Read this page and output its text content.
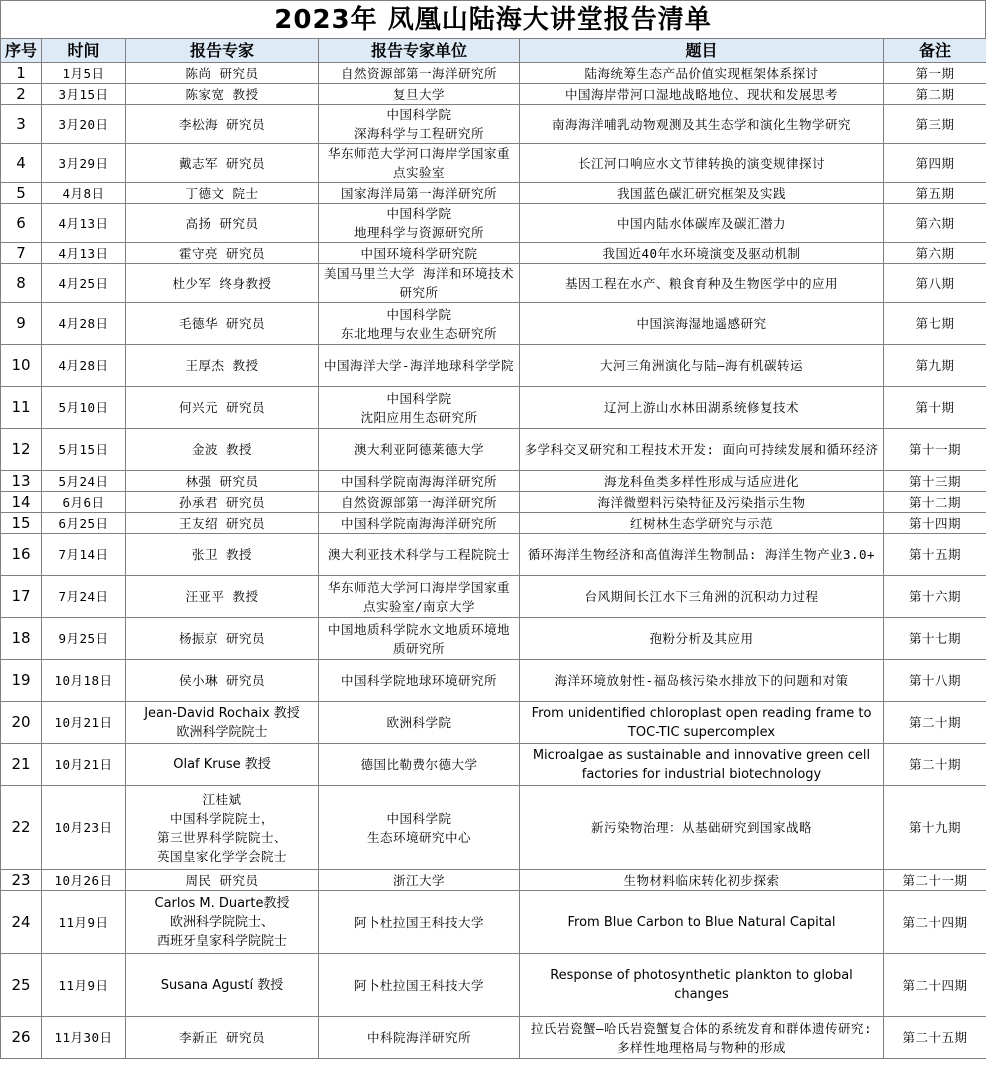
2023年 凤凰山陆海大讲堂报告清单
序号	时间	报告专家	报告专家单位	题目	备注
1	1月5日	陈尚 研究员	自然资源部第一海洋研究所	陆海统筹生态产品价值实现框架体系探讨	第一期
2	3月15日	陈家宽 教授	复旦大学	中国海岸带河口湿地战略地位、现状和发展思考	第二期
3	3月20日	李松海 研究员	中国科学院
深海科学与工程研究所	南海海洋哺乳动物观测及其生态学和演化生物学研究	第三期
4	3月29日	戴志军 研究员	华东师范大学河口海岸学国家重点实验室	长江河口响应水文节律转换的演变规律探讨	第四期
5	4月8日	丁德文 院士	国家海洋局第一海洋研究所	我国蓝色碳汇研究框架及实践	第五期
6	4月13日	高扬 研究员	中国科学院
地理科学与资源研究所	中国内陆水体碳库及碳汇潜力	第六期
7	4月13日	霍守亮 研究员	中国环境科学研究院	我国近40年水环境演变及驱动机制	第六期
8	4月25日	杜少军 终身教授	美国马里兰大学 海洋和环境技术研究所	基因工程在水产、粮食育种及生物医学中的应用	第八期
9	4月28日	毛德华 研究员	中国科学院
东北地理与农业生态研究所	中国滨海湿地遥感研究	第七期
10	4月28日	王厚杰 教授	中国海洋大学-海洋地球科学学院	大河三角洲演化与陆—海有机碳转运	第九期
11	5月10日	何兴元 研究员	中国科学院
沈阳应用生态研究所	辽河上游山水林田湖系统修复技术	第十期
12	5月15日	金波 教授	澳大利亚阿德莱德大学	多学科交叉研究和工程技术开发: 面向可持续发展和循环经济	第十一期
13	5月24日	林强 研究员	中国科学院南海海洋研究所	海龙科鱼类多样性形成与适应进化	第十三期
14	6月6日	孙承君 研究员	自然资源部第一海洋研究所	海洋微塑料污染特征及污染指示生物	第十二期
15	6月25日	王友绍 研究员	中国科学院南海海洋研究所	红树林生态学研究与示范	第十四期
16	7月14日	张卫 教授	澳大利亚技术科学与工程院院士	循环海洋生物经济和高值海洋生物制品: 海洋生物产业3.0+	第十五期
17	7月24日	汪亚平 教授	华东师范大学河口海岸学国家重点实验室/南京大学	台风期间长江水下三角洲的沉积动力过程	第十六期
18	9月25日	杨振京 研究员	中国地质科学院水文地质环境地质研究所	孢粉分析及其应用	第十七期
19	10月18日	侯小琳 研究员	中国科学院地球环境研究所	海洋环境放射性-福岛核污染水排放下的问题和对策	第十八期
20	10月21日	Jean-David Rochaix 教授
欧洲科学院院士	欧洲科学院	From unidentified chloroplast open reading frame to TOC-TIC supercomplex	第二十期
21	10月21日	Olaf Kruse 教授	德国比勒费尔德大学	Microalgae as sustainable and innovative green cell factories for industrial biotechnology	第二十期
22	10月23日	江桂斌
中国科学院院士，
第三世界科学院院士、
英国皇家化学学会院士	中国科学院
生态环境研究中心	新污染物治理：从基础研究到国家战略	第十九期
23	10月26日	周民 研究员	浙江大学	生物材料临床转化初步探索	第二十一期
24	11月9日	Carlos M. Duarte教授
欧洲科学院院士、
西班牙皇家科学院院士	阿卜杜拉国王科技大学	From Blue Carbon to Blue Natural Capital	第二十四期
25	11月9日	Susana Agustí 教授	阿卜杜拉国王科技大学	Response of photosynthetic plankton to global changes	第二十四期
26	11月30日	李新正 研究员	中科院海洋研究所	拉氏岩瓷蟹—哈氏岩瓷蟹复合体的系统发育和群体遗传研究: 多样性地理格局与物种的形成	第二十五期
